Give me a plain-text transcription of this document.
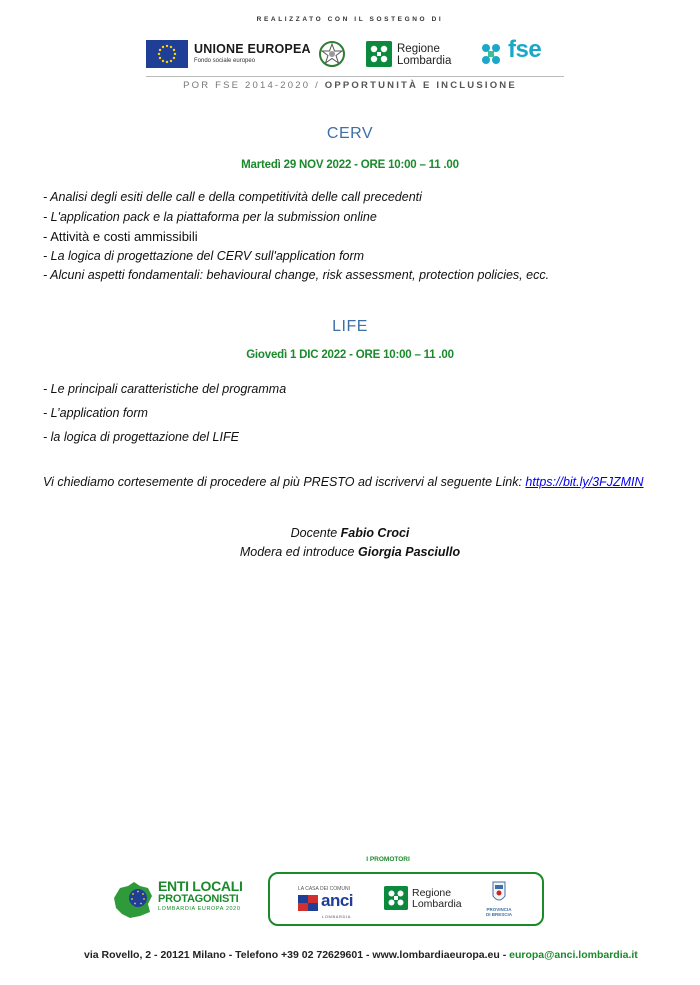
REALIZZATO CON IL SOSTEGNO DI
UNIONE EUROPEA
Fondo sociale europeo
Regione
Lombardia fse
POR FSE 2014-2020 / OPPORTUNITÀ E INCLUSIONE
CERV
Martedì 29 NOV 2022 - ORE 10:00 – 11 .00
- Analisi degli esiti delle call e della competitività delle call precedenti
- L'application pack e la piattaforma per la submission online
- Attività e costi ammissibili
- La logica di progettazione del CERV sull'application form
- Alcuni aspetti fondamentali: behavioural change, risk assessment, protection policies, ecc.
LIFE
Giovedì 1 DIC 2022 - ORE 10:00 – 11 .00
- Le principali caratteristiche del programma
- L’application form
- la logica di progettazione del LIFE
Vi chiediamo cortesemente di procedere al più PRESTO ad iscrivervi al seguente Link: https://bit.ly/3FJZMIN
Docente Fabio Croci
Modera ed introduce Giorgia Pasciullo
ENTI LOCALI
PROTAGONISTI
LOMBARDIA EUROPA 2020
I PROMOTORI
LA CASA DEI COMUNI
anci
LOMBARDIA
Regione
Lombardia	PROVINCIA
DI BRESCIA
via Rovello, 2 - 20121 Milano - Telefono +39 02 72629601 - www.lombardiaeuropa.eu - europa@anci.lombardia.it
